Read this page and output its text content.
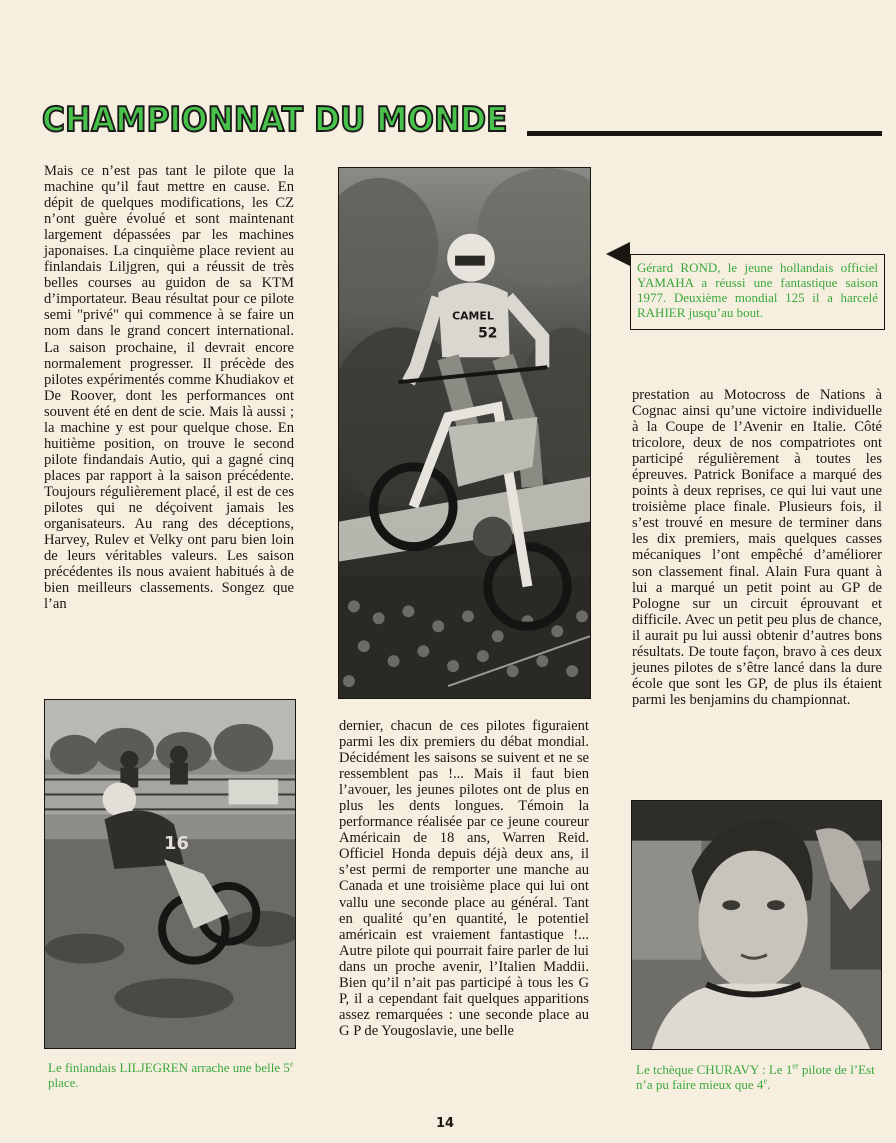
CHAMPIONNAT DU MONDE

Mais ce n’est pas tant le pilote que la machine qu’il faut mettre en cause. En dépit de quelques modifications, les CZ n’ont guère évolué et sont maintenant largement dépassées par les machines japonaises. La cinquième place revient au finlandais Liljgren, qui a réussit de très belles courses au guidon de sa KTM d’importateur. Beau résultat pour ce pilote semi "privé" qui commence à se faire un nom dans le grand concert international. La saison prochaine, il devrait encore normalement progresser. Il précède des pilotes expérimentés comme Khudiakov et De Roover, dont les performances ont souvent été en dent de scie. Mais là aussi ; la machine y est pour quelque chose. En huitième position, on trouve le second pilote findandais Autio, qui a gagné cinq places par rapport à la saison précédente. Toujours régulièrement placé, il est de ces pilotes qui ne déçoivent jamais les organisateurs. Au rang des déceptions, Harvey, Rulev et Velky ont paru bien loin de leurs véritables valeurs. Les saison précédentes ils nous avaient habitués à de bien meilleurs classements. Songez que l’an

CAMEL
52
Gérard ROND, le jeune hollandais officiel YAMAHA a réussi une fantastique saison 1977. Deuxième mondial 125 il a harcelé RAHIER jusqu’au bout.

prestation au Motocross de Nations à Cognac ainsi qu’une victoire individuelle à la Coupe de l’Avenir en Italie. Côté tricolore, deux de nos compatriotes ont participé régulièrement à toutes les épreuves. Patrick Boniface a marqué des points à deux reprises, ce qui lui vaut une troisième place finale. Plusieurs fois, il s’est trouvé en mesure de terminer dans les dix premiers, mais quelques casses mécaniques l’ont empêché d’améliorer son classement final. Alain Fura quant à lui a marqué un petit point au GP de Pologne sur un circuit éprouvant et difficile. Avec un petit peu plus de chance, il aurait pu lui aussi obtenir d’autres bons résultats. De toute façon, bravo à ces deux jeunes pilotes de s’être lancé dans la dure école que sont les GP, de plus ils étaient parmi les benjamins du championnat.

16
Le finlandais LILJEGREN arrache une belle 5e place.

dernier, chacun de ces pilotes figuraient parmi les dix premiers du débat mondial. Décidément les saisons se suivent et ne se ressemblent pas !... Mais il faut bien l’avouer, les jeunes pilotes ont de plus en plus les dents longues. Témoin la performance réalisée par ce jeune coureur Américain de 18 ans, Warren Reid. Officiel Honda depuis déjà deux ans, il s’est permi de remporter une manche au Canada et une troisième place qui lui ont vallu une seconde place au général. Tant en qualité qu’en quantité, le potentiel américain est vraiement fantastique !... Autre pilote qui pourrait faire parler de lui dans un proche avenir, l’Italien Maddii. Bien qu’il n’ait pas participé à tous les G P, il a cependant fait quelques apparitions assez remarquées : une seconde place au G P de Yougoslavie, une belle

Le tchèque CHURAVY : Le 1er pilote de l’Est n’a pu faire mieux que 4e.
14
